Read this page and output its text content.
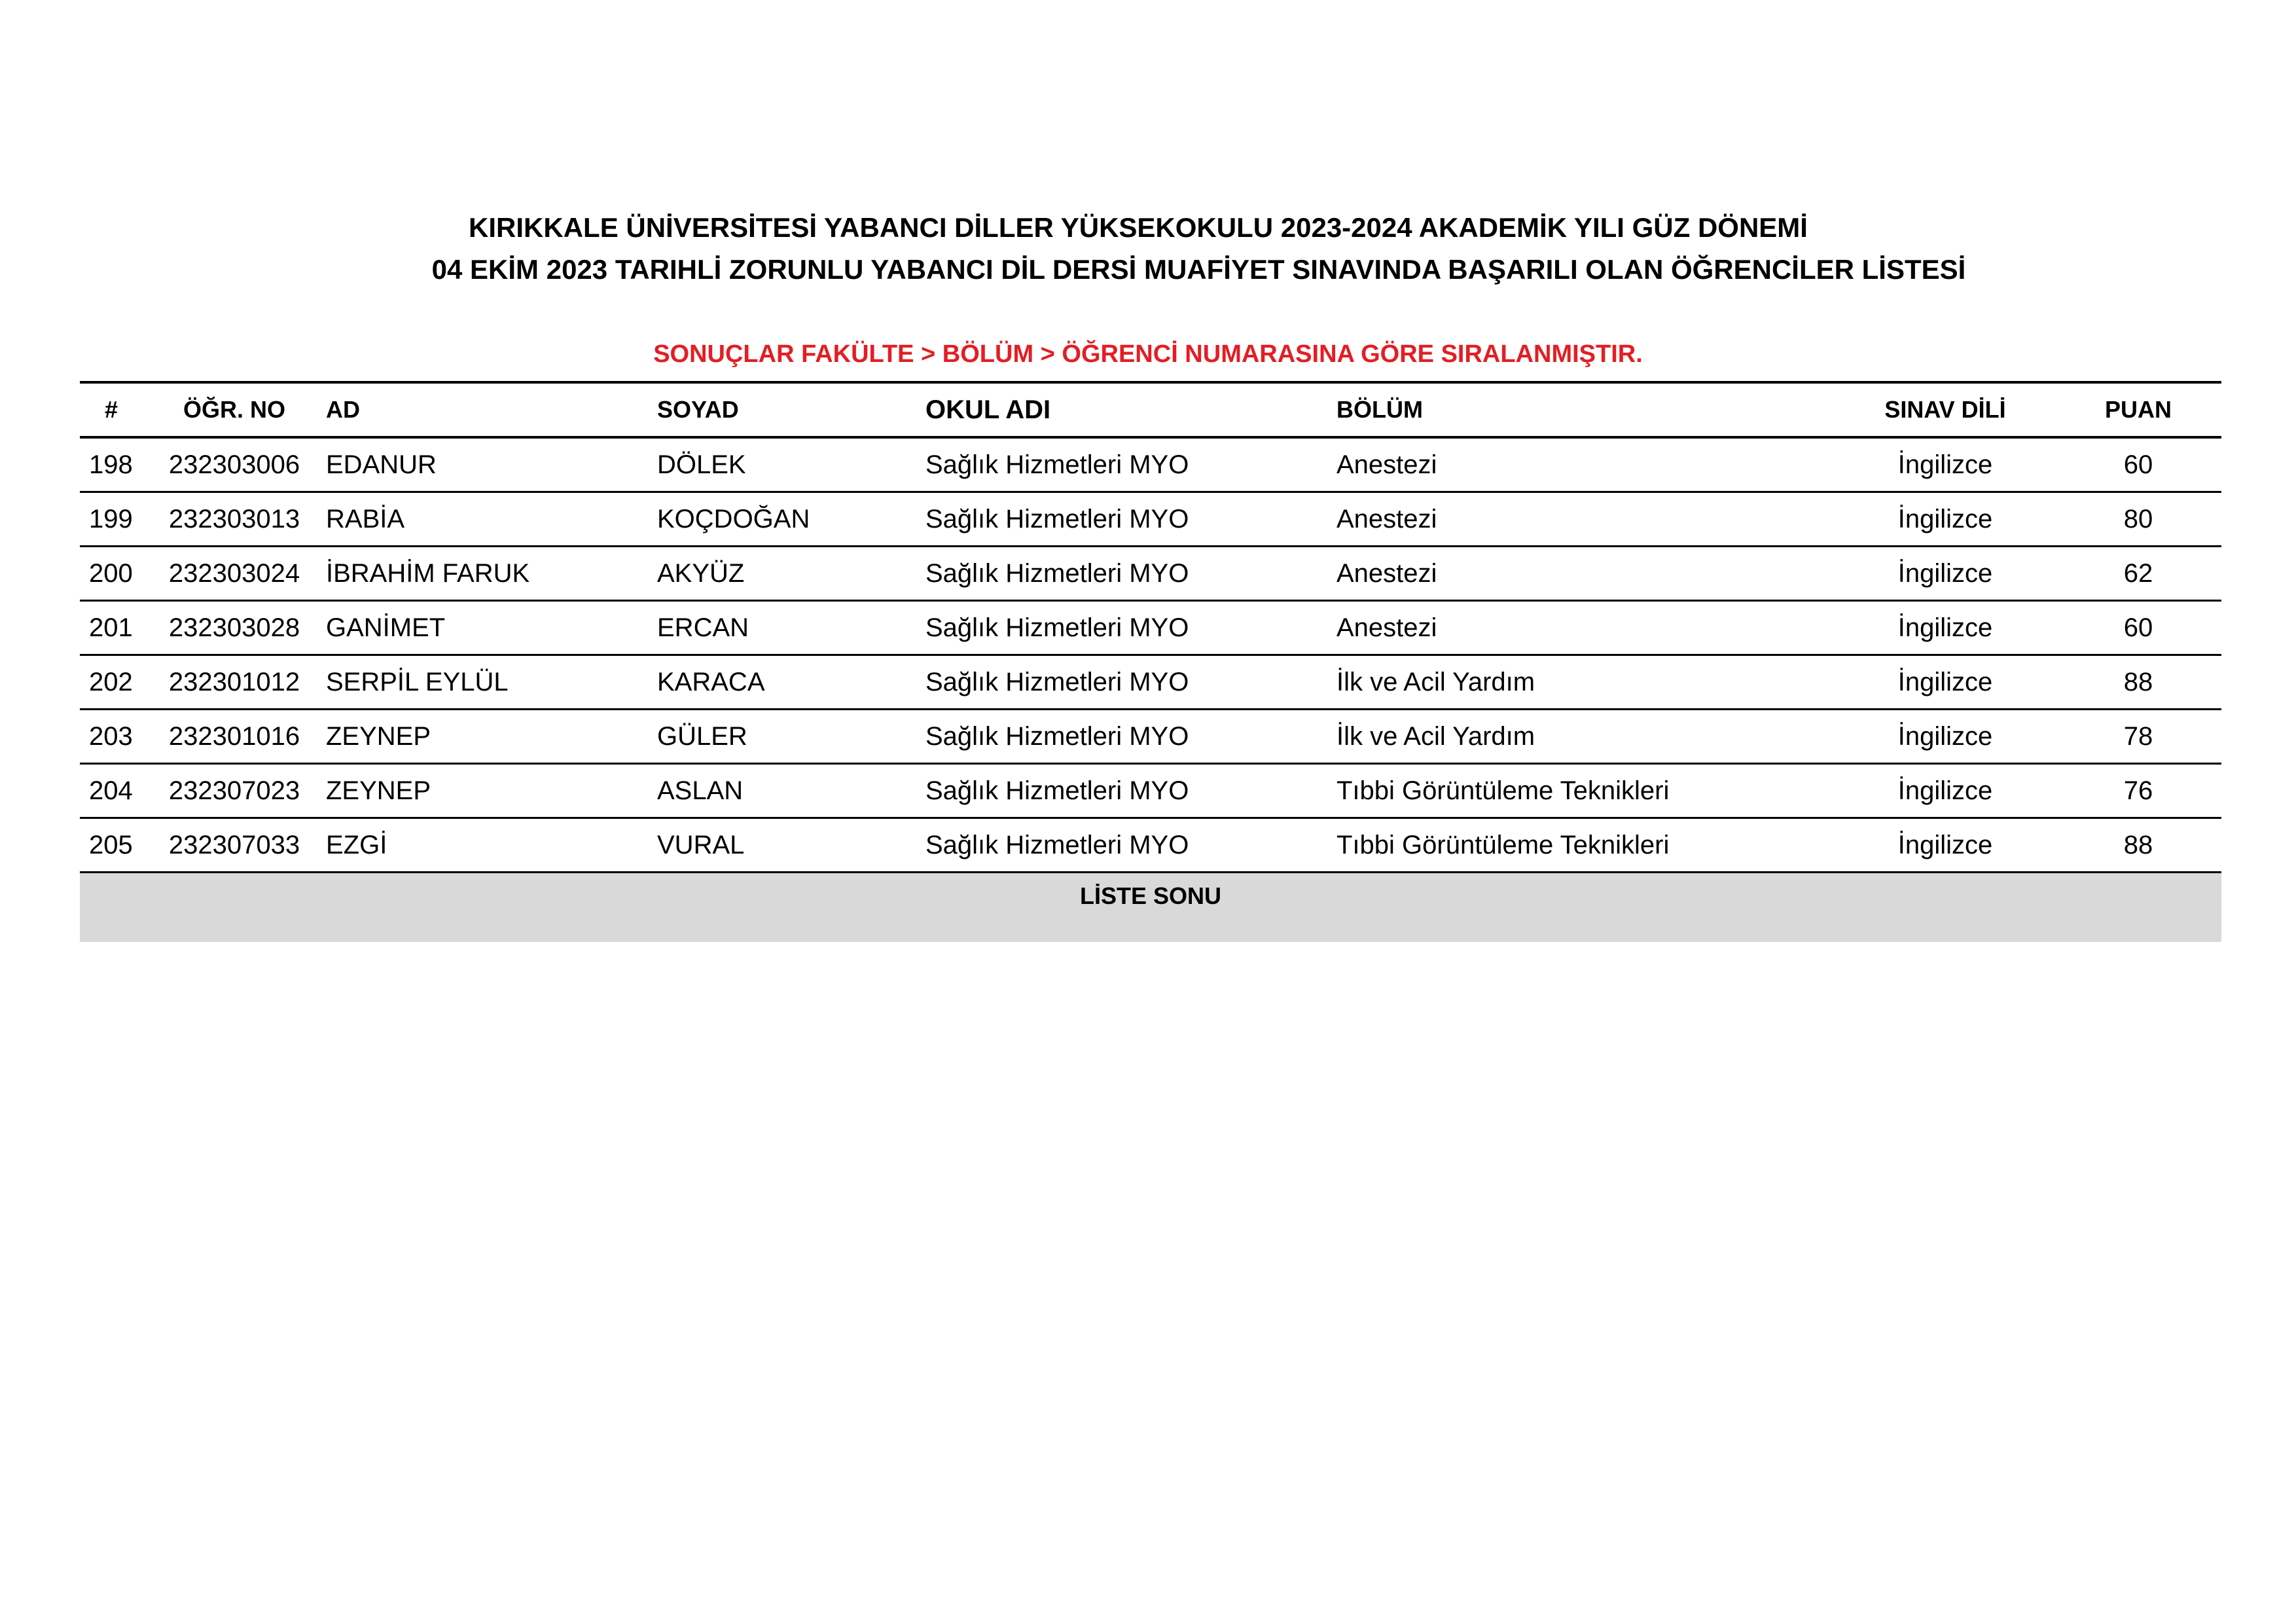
KIRIKKALE ÜNİVERSİTESİ YABANCI DİLLER YÜKSEKOKULU 2023-2024 AKADEMİK YILI GÜZ DÖNEMİ
04 EKİM 2023 TARIHLİ ZORUNLU YABANCI DİL DERSİ MUAFİYET SINAVINDA BAŞARILI OLAN ÖĞRENCİLER LİSTESİ
SONUÇLAR FAKÜLTE > BÖLÜM > ÖĞRENCİ NUMARASINA GÖRE SIRALANMIŞTIR.
#	ÖĞR. NO	AD	SOYAD	OKUL ADI	BÖLÜM	SINAV DİLİ	PUAN
198	232303006	EDANUR	DÖLEK	Sağlık Hizmetleri MYO	Anestezi	İngilizce	60
199	232303013	RABİA	KOÇDOĞAN	Sağlık Hizmetleri MYO	Anestezi	İngilizce	80
200	232303024	İBRAHİM FARUK	AKYÜZ	Sağlık Hizmetleri MYO	Anestezi	İngilizce	62
201	232303028	GANİMET	ERCAN	Sağlık Hizmetleri MYO	Anestezi	İngilizce	60
202	232301012	SERPİL EYLÜL	KARACA	Sağlık Hizmetleri MYO	İlk ve Acil Yardım	İngilizce	88
203	232301016	ZEYNEP	GÜLER	Sağlık Hizmetleri MYO	İlk ve Acil Yardım	İngilizce	78
204	232307023	ZEYNEP	ASLAN	Sağlık Hizmetleri MYO	Tıbbi Görüntüleme Teknikleri	İngilizce	76
205	232307033	EZGİ	VURAL	Sağlık Hizmetleri MYO	Tıbbi Görüntüleme Teknikleri	İngilizce	88
LİSTE SONU							
